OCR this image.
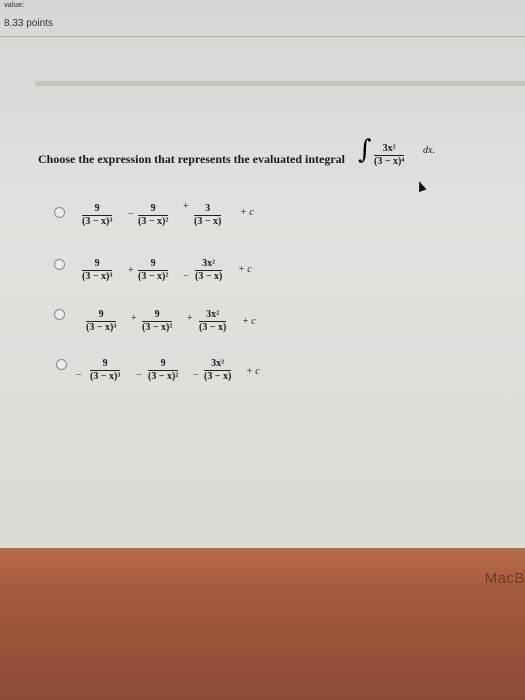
value:
8.33 points
Choose the expression that represents the evaluated integral ∫ 3x²
(3 − x)⁴
dx.
9
(3 − x)³
−
9
(3 − x)²
+ 3
(3 − x)
+ c
9
(3 − x)³
+
9
(3 − x)² −
3x²
(3 − x)
+ c
9
(3 − x)³
+ 9
(3 − x)²
+ 3x²
(3 − x)
+ c
−
9
(3 − x)³ −
9
(3 − x)² −
3x²
(3 − x) + c
MacB
